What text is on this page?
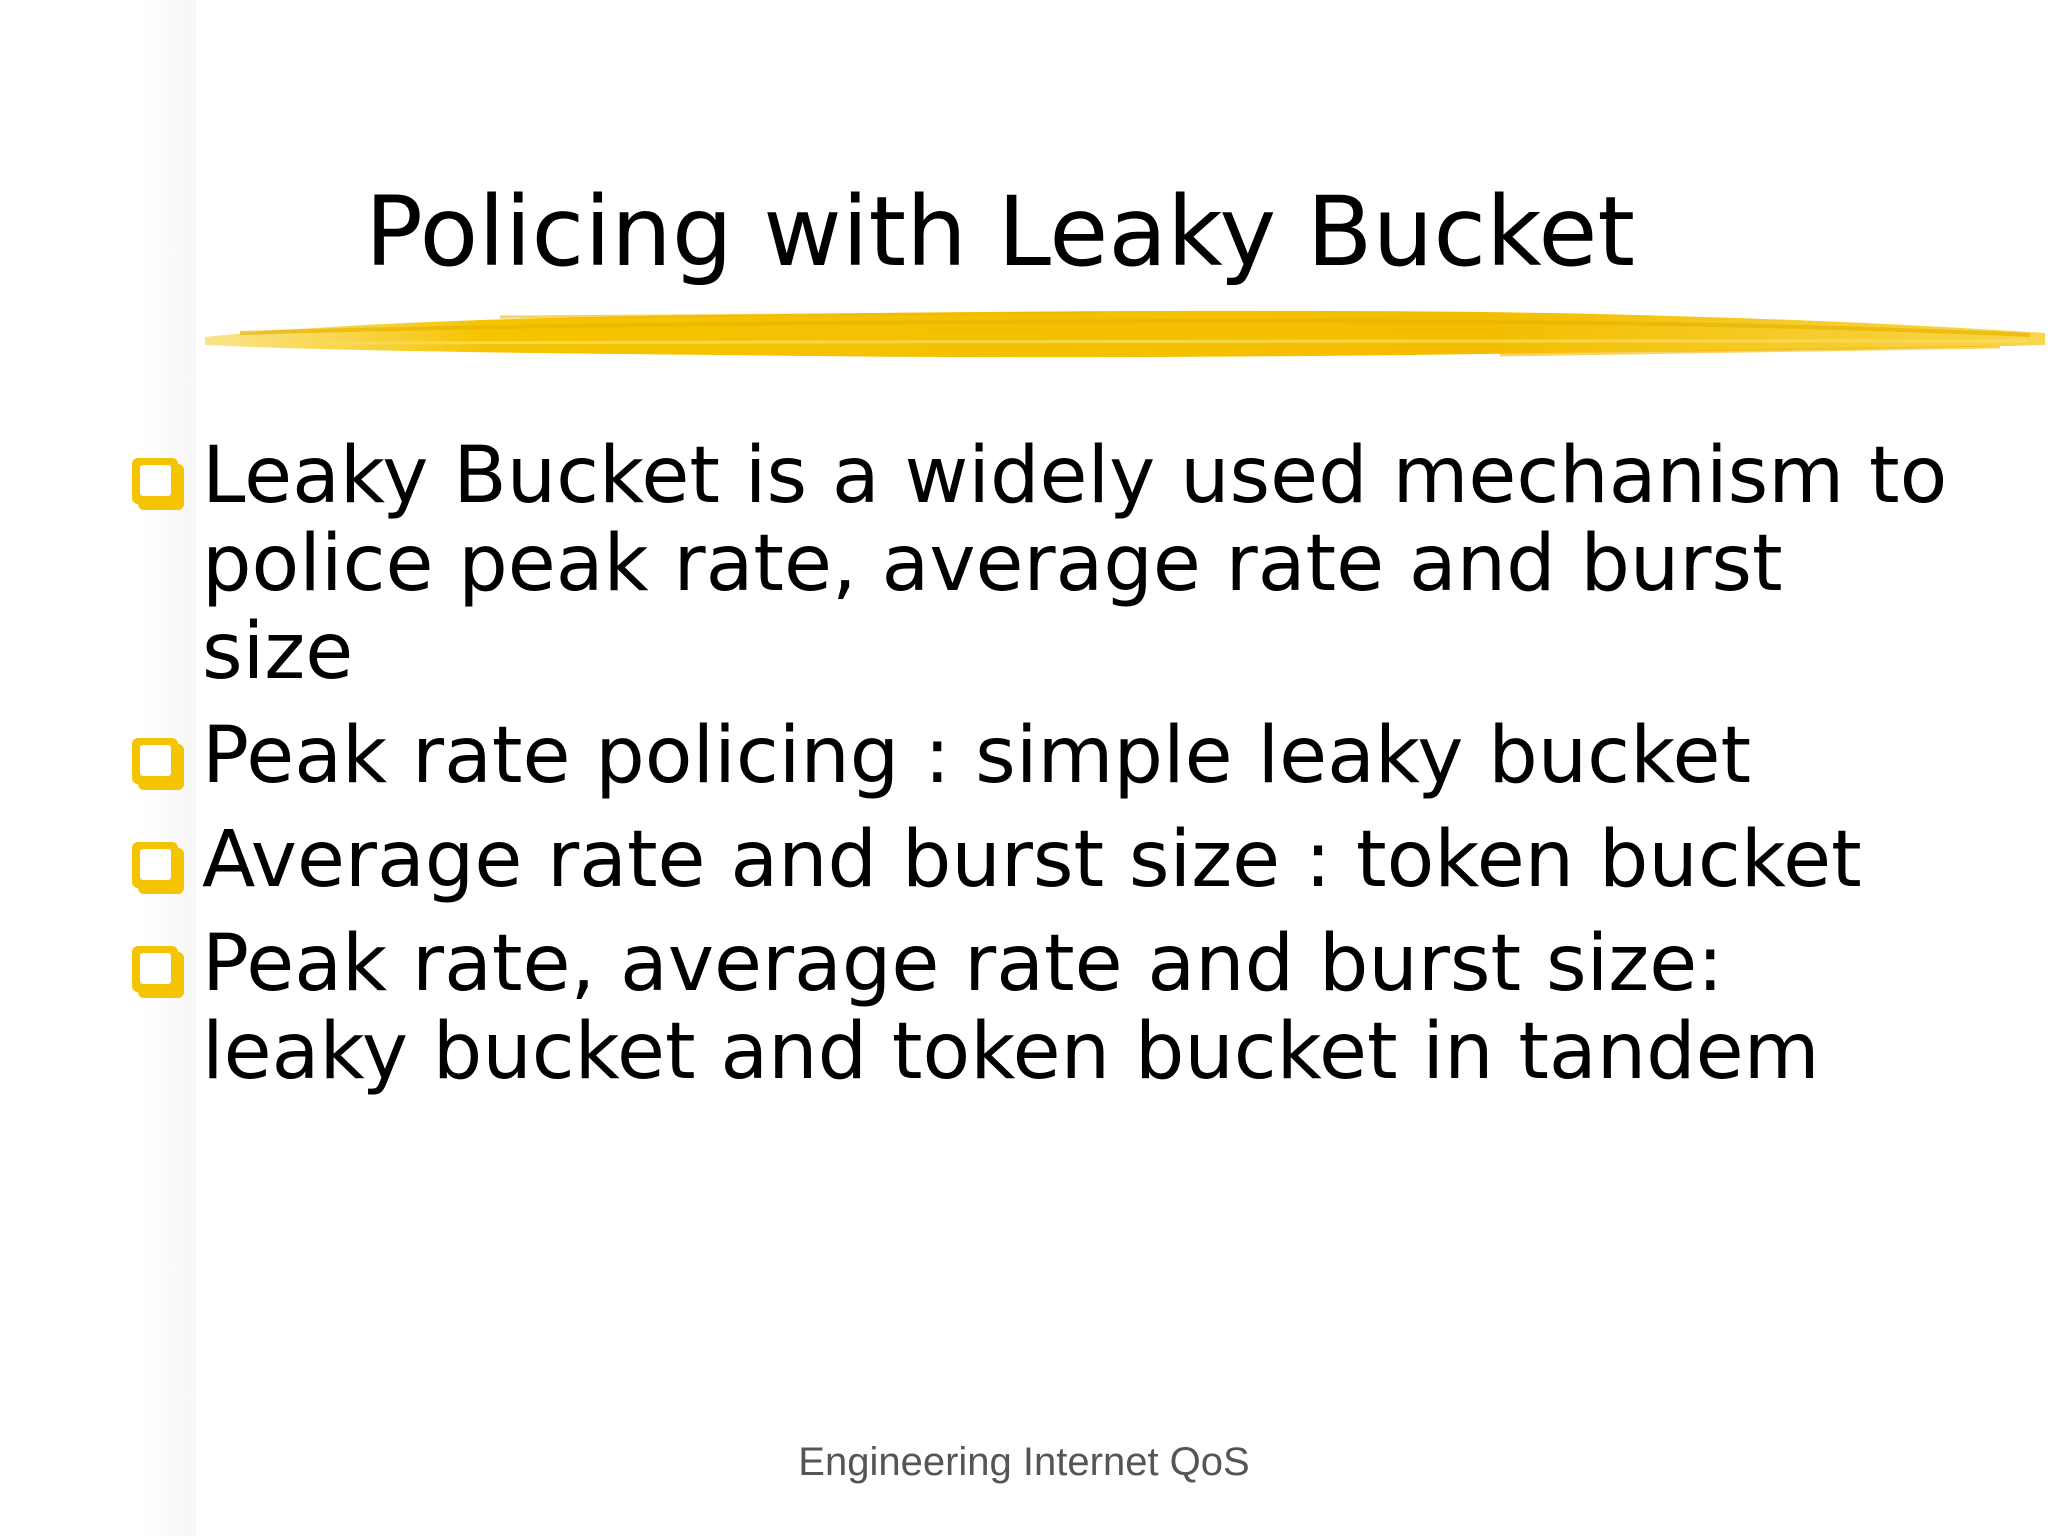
Policing with Leaky Bucket
Leaky Bucket is a widely used mechanism to police peak rate, average rate and burst size
Peak rate policing : simple leaky bucket
Average rate and burst size : token bucket
Peak rate, average rate and burst size: leaky bucket and token bucket in tandem
Engineering Internet QoS
